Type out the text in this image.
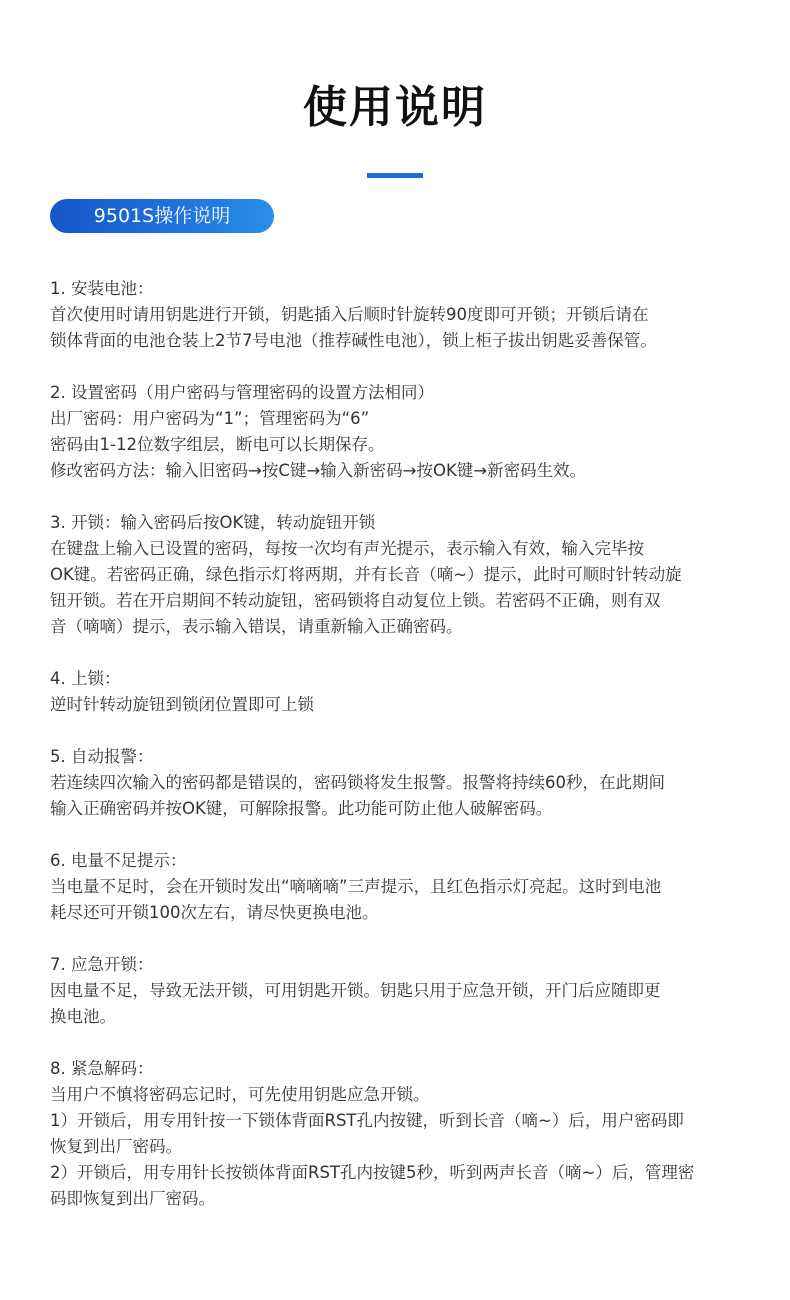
使用说明
9501S操作说明
1. 安装电池：
首次使用时请用钥匙进行开锁，钥匙插入后顺时针旋转90度即可开锁；开锁后请在
锁体背面的电池仓装上2节7号电池（推荐碱性电池），锁上柜子拔出钥匙妥善保管。
2. 设置密码（用户密码与管理密码的设置方法相同）
出厂密码：用户密码为“1”；管理密码为“6”
密码由1-12位数字组层，断电可以长期保存。
修改密码方法：输入旧密码→按C键→输入新密码→按OK键→新密码生效。
3. 开锁：输入密码后按OK键，转动旋钮开锁
在键盘上输入已设置的密码，每按一次均有声光提示，表示输入有效，输入完毕按
OK键。若密码正确，绿色指示灯将两期，并有长音（嘀~）提示，此时可顺时针转动旋
钮开锁。若在开启期间不转动旋钮，密码锁将自动复位上锁。若密码不正确，则有双
音（嘀嘀）提示，表示输入错误，请重新输入正确密码。
4. 上锁：
逆时针转动旋钮到锁闭位置即可上锁
5. 自动报警：
若连续四次输入的密码都是错误的，密码锁将发生报警。报警将持续60秒，在此期间
输入正确密码并按OK键，可解除报警。此功能可防止他人破解密码。
6. 电量不足提示：
当电量不足时，会在开锁时发出“嘀嘀嘀”三声提示，且红色指示灯亮起。这时到电池
耗尽还可开锁100次左右，请尽快更换电池。
7. 应急开锁：
因电量不足，导致无法开锁，可用钥匙开锁。钥匙只用于应急开锁，开门后应随即更
换电池。
8. 紧急解码：
当用户不慎将密码忘记时，可先使用钥匙应急开锁。
1）开锁后，用专用针按一下锁体背面RST孔内按键，听到长音（嘀~）后，用户密码即
恢复到出厂密码。
2）开锁后，用专用针长按锁体背面RST孔内按键5秒，听到两声长音（嘀~）后，管理密
码即恢复到出厂密码。
